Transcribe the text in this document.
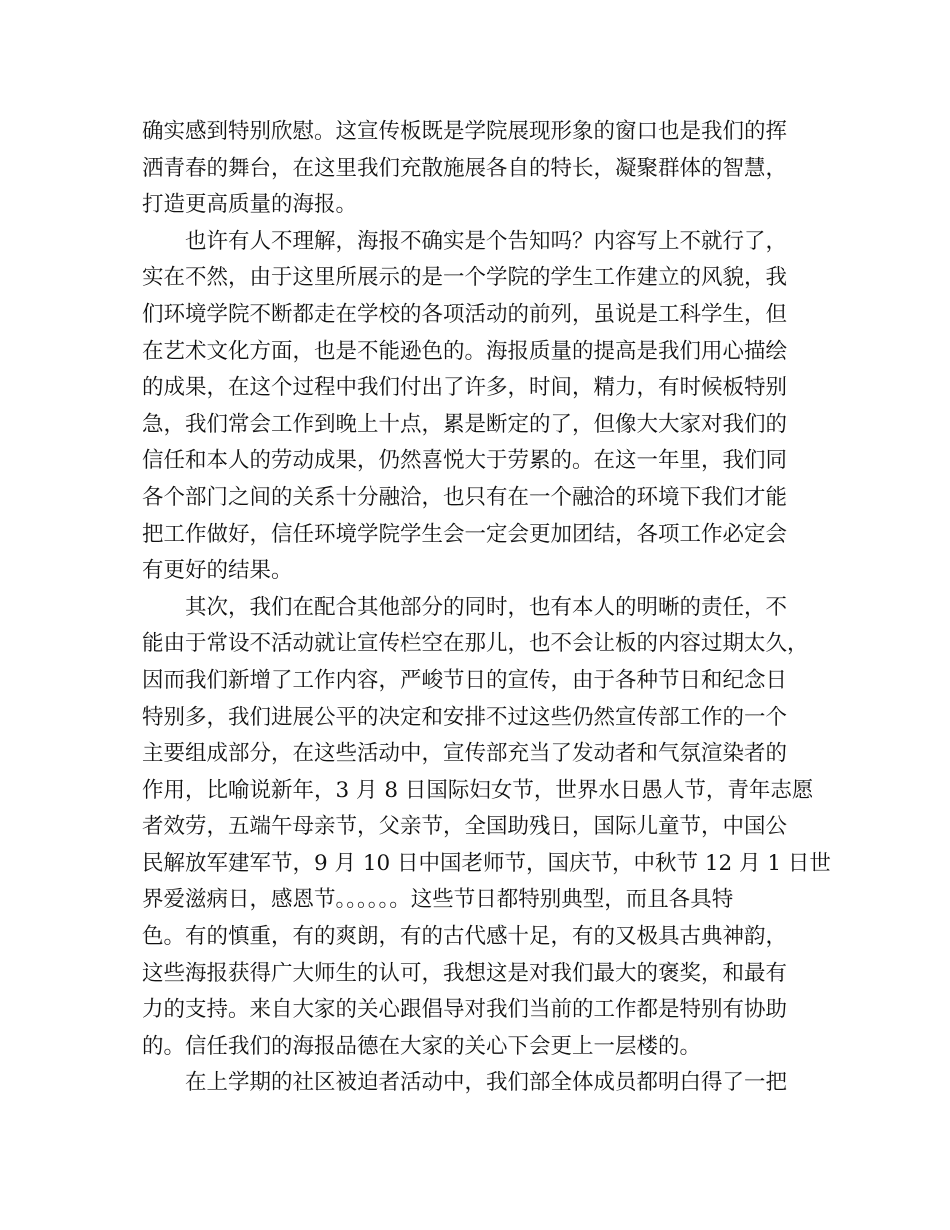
确实感到特别欣慰。这宣传板既是学院展现形象的窗口也是我们的挥
洒青春的舞台，在这里我们充散施展各自的特长，凝聚群体的智慧，
打造更高质量的海报。
也许有人不理解，海报不确实是个告知吗？内容写上不就行了，
实在不然，由于这里所展示的是一个学院的学生工作建立的风貌，我
们环境学院不断都走在学校的各项活动的前列，虽说是工科学生，但
在艺术文化方面，也是不能逊色的。海报质量的提高是我们用心描绘
的成果，在这个过程中我们付出了许多，时间，精力，有时候板特别
急，我们常会工作到晚上十点，累是断定的了，但像大大家对我们的
信任和本人的劳动成果，仍然喜悦大于劳累的。在这一年里，我们同
各个部门之间的关系十分融洽，也只有在一个融洽的环境下我们才能
把工作做好，信任环境学院学生会一定会更加团结，各项工作必定会
有更好的结果。
其次，我们在配合其他部分的同时，也有本人的明晰的责任，不
能由于常设不活动就让宣传栏空在那儿，也不会让板的内容过期太久，
因而我们新增了工作内容，严峻节日的宣传，由于各种节日和纪念日
特别多，我们进展公平的决定和安排不过这些仍然宣传部工作的一个
主要组成部分，在这些活动中，宣传部充当了发动者和气氛渲染者的
作用，比喻说新年，3 月 8 日国际妇女节，世界水日愚人节，青年志愿
者效劳，五端午母亲节，父亲节，全国助残日，国际儿童节，中国公
民解放军建军节，9 月 10 日中国老师节，国庆节，中秋节 12 月 1 日世
界爱滋病日，感恩节。。。。。。这些节日都特别典型，而且各具特
色。有的慎重，有的爽朗，有的古代感十足，有的又极具古典神韵，
这些海报获得广大师生的认可，我想这是对我们最大的褒奖，和最有
力的支持。来自大家的关心跟倡导对我们当前的工作都是特别有协助
的。信任我们的海报品德在大家的关心下会更上一层楼的。
在上学期的社区被迫者活动中，我们部全体成员都明白得了一把
